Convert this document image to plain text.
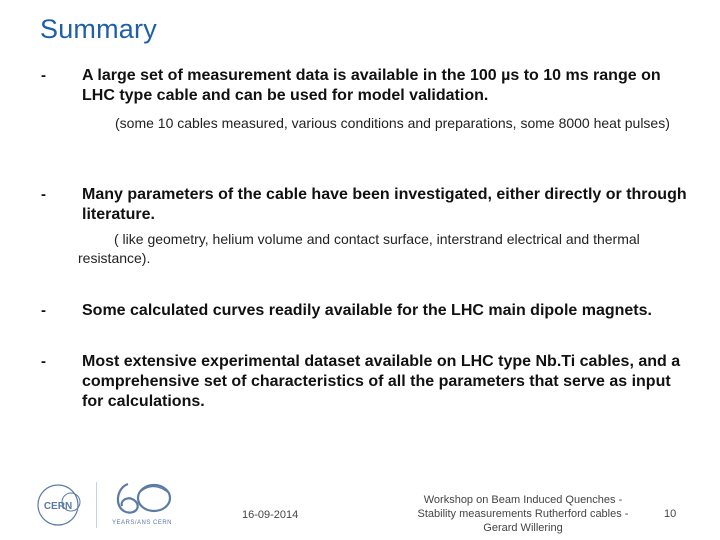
Summary
- A large set of measurement data is available in the 100 µs to 10 ms range on LHC type cable and can be used for model validation.
(some 10 cables measured, various conditions and preparations, some 8000 heat pulses)
- Many parameters of the cable have been investigated, either directly or through literature.
( like geometry, helium volume and contact surface, interstrand electrical and thermal resistance).
- Some calculated curves readily available for the LHC main dipole magnets.
- Most extensive experimental dataset available on LHC type Nb.Ti cables, and a comprehensive set of characteristics of all the parameters that serve as input for calculations.
CERN
YEARS/ANS CERN
16-09-2014
Workshop on Beam Induced Quenches - Stability measurements Rutherford cables - Gerard Willering
10
